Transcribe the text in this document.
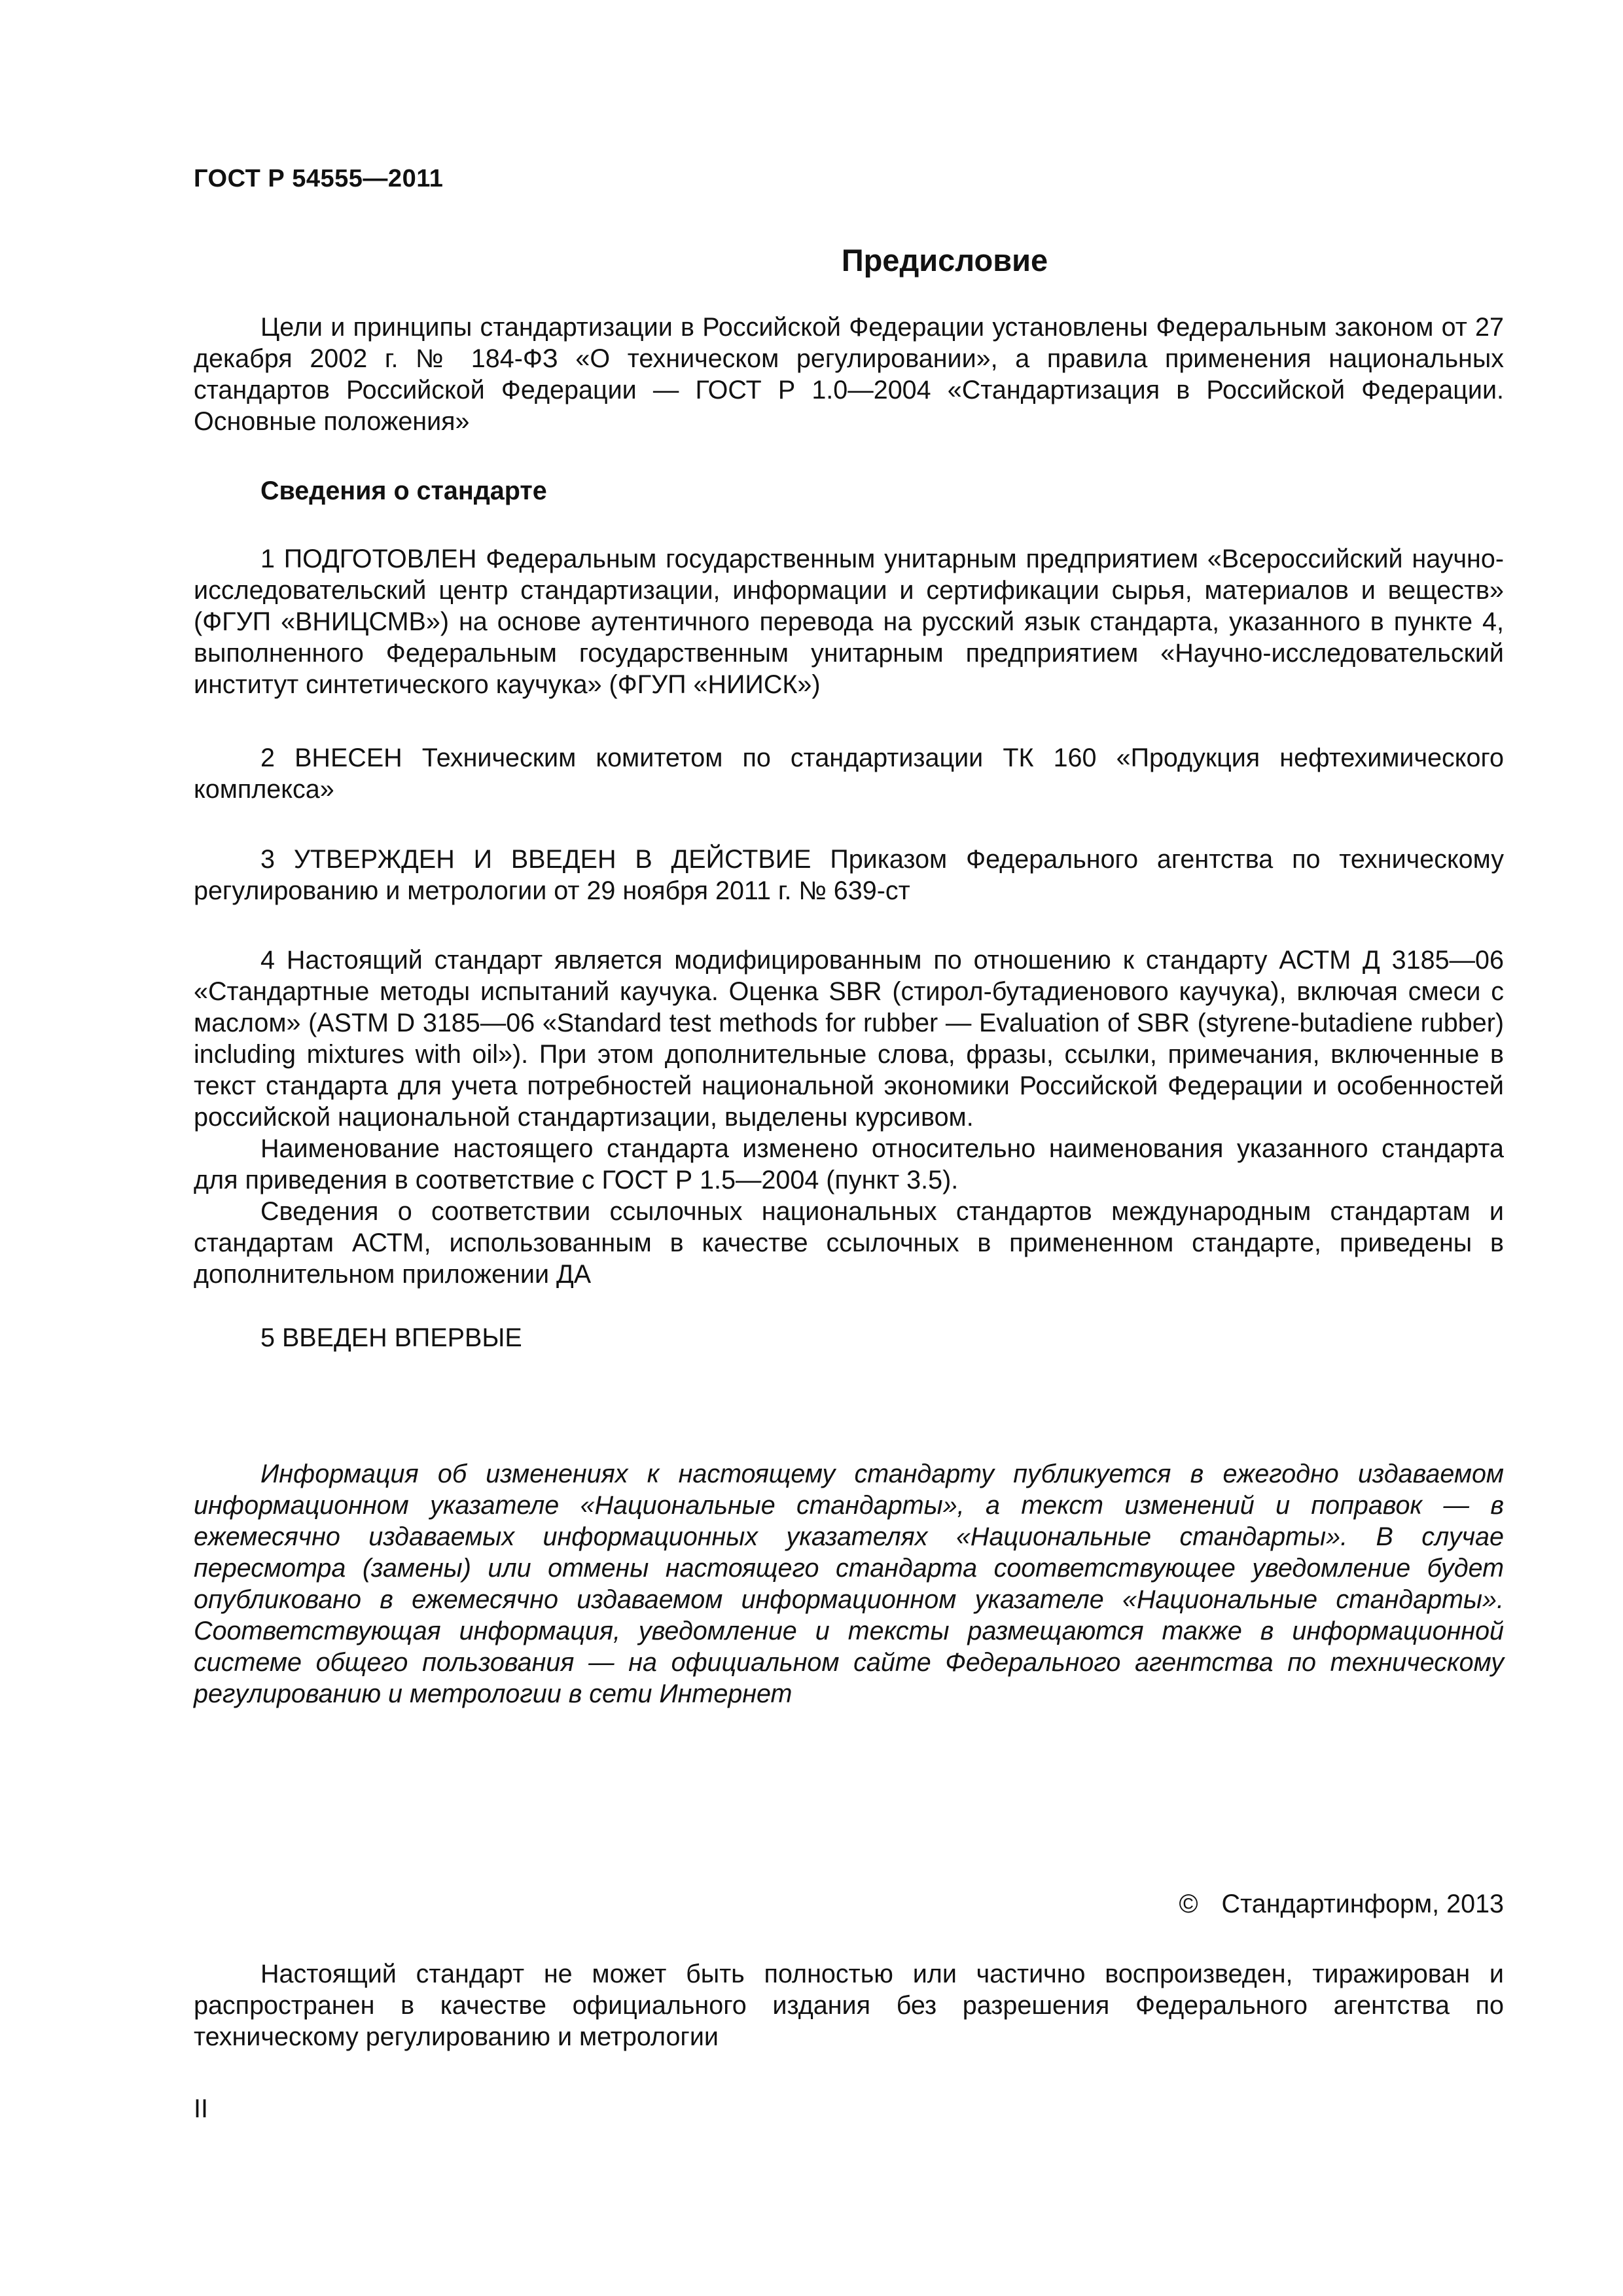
ГОСТ Р 54555—2011
Предисловие

Цели и принципы стандартизации в Российской Федерации установлены Федеральным законом от 27 декабря 2002 г. № 184-ФЗ «О техническом регулировании», а правила применения национальных стандартов Российской Федерации — ГОСТ Р 1.0—2004 «Стандартизация в Российской Федерации. Основные положения»

Сведения о стандарте

1 ПОДГОТОВЛЕН Федеральным государственным унитарным предприятием «Всероссийский научно-исследовательский центр стандартизации, информации и сертификации сырья, материалов и веществ» (ФГУП «ВНИЦСМВ») на основе аутентичного перевода на русский язык стандарта, указанного в пункте 4, выполненного Федеральным государственным унитарным предприятием «Научно-исследовательский институт синтетического каучука» (ФГУП «НИИСК»)

2 ВНЕСЕН Техническим комитетом по стандартизации ТК 160 «Продукция нефтехимического комплекса»

3 УТВЕРЖДЕН И ВВЕДЕН В ДЕЙСТВИЕ Приказом Федерального агентства по техническому регулированию и метрологии от 29 ноября 2011 г. № 639-ст

4 Настоящий стандарт является модифицированным по отношению к стандарту АСТМ Д 3185—06 «Стандартные методы испытаний каучука. Оценка SBR (стирол-бутадиенового каучука), включая смеси с маслом» (ASTM D 3185—06 «Standard test methods for rubber — Evaluation of SBR (styrene-butadiene rubber) including mixtures with oil»). При этом дополнительные слова, фразы, ссылки, примечания, включенные в текст стандарта для учета потребностей национальной экономики Российской Федерации и особенностей российской национальной стандартизации, выделены курсивом.

Наименование настоящего стандарта изменено относительно наименования указанного стандарта для приведения в соответствие с ГОСТ Р 1.5—2004 (пункт 3.5).

Сведения о соответствии ссылочных национальных стандартов международным стандартам и стандартам АСТМ, использованным в качестве ссылочных в примененном стандарте, приведены в дополнительном приложении ДА

5 ВВЕДЕН ВПЕРВЫЕ

Информация об изменениях к настоящему стандарту публикуется в ежегодно издаваемом информационном указателе «Национальные стандарты», а текст изменений и поправок — в ежемесячно издаваемых информационных указателях «Национальные стандарты». В случае пересмотра (замены) или отмены настоящего стандарта соответствующее уведомление будет опубликовано в ежемесячно издаваемом информационном указателе «Национальные стандарты». Соответствующая информация, уведомление и тексты размещаются также в информационной системе общего пользования — на официальном сайте Федерального агентства по техническому регулированию и метрологии в сети Интернет

© Стандартинформ, 2013

Настоящий стандарт не может быть полностью или частично воспроизведен, тиражирован и распространен в качестве официального издания без разрешения Федерального агентства по техническому регулированию и метрологии

II
